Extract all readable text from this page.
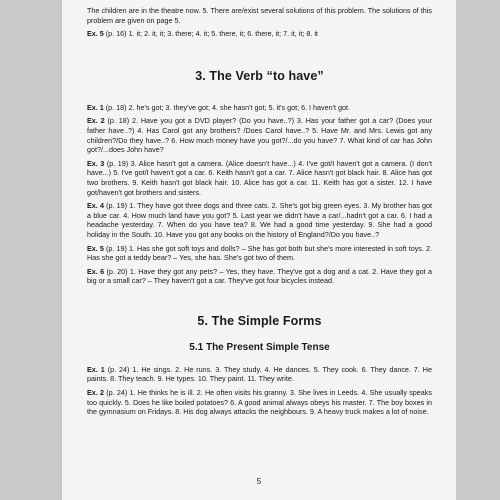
The children are in the theatre now. 5. There are/exist several solutions of this problem. The solutions of this problem are given on page 5.

Ex. 5 (p. 16) 1. it; 2. it, it; 3. there; 4. it; 5. there, it; 6. there, it; 7. it, it; 8. it

3. The Verb “to have”

Ex. 1 (p. 18) 2. he's got; 3. they've got; 4. she hasn't got; 5. it's got; 6. I haven't got.

Ex. 2 (p. 18) 2. Have you got a DVD player? (Do you have..?) 3. Has your father got a car? (Does your father have..?) 4. Has Carol got any brothers? /Does Carol have..? 5. Have Mr. and Mrs. Lewis got any children?/Do they have..? 6. How much money have you got?/...do you have? 7. What kind of car has John got?/...does John have?

Ex. 3 (p. 19) 3. Alice hasn't got a camera. (Alice doesn't have...) 4. I've got/I haven't got a camera. (I don't have...) 5. I've got/I haven't got a car. 6. Keith hasn't got a car. 7. Alice hasn't got black hair. 8. Alice has got two brothers. 9. Keith hasn't got black hair. 10. Alice has got a car. 11. Keith has got a sister. 12. I have got/haven't got brothers and sisters.

Ex. 4 (p. 19) 1. They have got three dogs and three cats. 2. She's got big green eyes. 3. My brother has got a blue car. 4. How much land have you got? 5. Last year we didn't have a car/...hadn't got a car. 6. I had a headache yesterday. 7. When do you have tea? 8. We had a good time yesterday. 9. She had a good holiday in the South. 10. Have you got any books on the history of England?/Do you have..?

Ex. 5 (p. 19) 1. Has she got soft toys and dolls? – She has got both but she's more interested in soft toys. 2. Has she got a teddy bear? – Yes, she has. She's got two of them.

Ex. 6 (p. 20) 1. Have they got any pets? – Yes, they have. They've got a dog and a cat. 2. Have they got a big or a small car? – They haven't got a car. They've got four bicycles instead.

5. The Simple Forms
5.1 The Present Simple Tense

Ex. 1 (p. 24) 1. He sings. 2. He runs. 3. They study. 4. He dances. 5. They cook. 6. They dance. 7. He paints. 8. They teach. 9. He types. 10. They paint. 11. They write.

Ex. 2 (p. 24) 1. He thinks he is ill. 2. He often visits his granny. 3. She lives in Leeds. 4. She usually speaks too quickly. 5. Does he like boiled potatoes? 6. A good animal always obeys his master. 7. The boy boxes in the gymnasium on Fridays. 8. His dog always attacks the neighbours. 9. A heavy truck makes a lot of noise.

5
